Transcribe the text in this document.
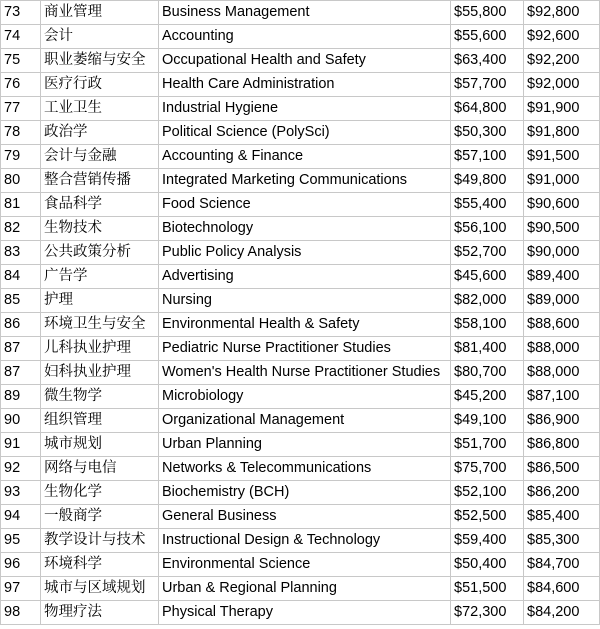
73	商业管理	Business Management	$55,800	$92,800
74	会计	Accounting	$55,600	$92,600
75	职业萎缩与安全	Occupational Health and Safety	$63,400	$92,200
76	医疗行政	Health Care Administration	$57,700	$92,000
77	工业卫生	Industrial Hygiene	$64,800	$91,900
78	政治学	Political Science (PolySci)	$50,300	$91,800
79	会计与金融	Accounting & Finance	$57,100	$91,500
80	整合营销传播	Integrated Marketing Communications	$49,800	$91,000
81	食品科学	Food Science	$55,400	$90,600
82	生物技术	Biotechnology	$56,100	$90,500
83	公共政策分析	Public Policy Analysis	$52,700	$90,000
84	广告学	Advertising	$45,600	$89,400
85	护理	Nursing	$82,000	$89,000
86	环境卫生与安全	Environmental Health & Safety	$58,100	$88,600
87	儿科执业护理	Pediatric Nurse Practitioner Studies	$81,400	$88,000
87	妇科执业护理	Women's Health Nurse Practitioner Studies	$80,700	$88,000
89	微生物学	Microbiology	$45,200	$87,100
90	组织管理	Organizational Management	$49,100	$86,900
91	城市规划	Urban Planning	$51,700	$86,800
92	网络与电信	Networks & Telecommunications	$75,700	$86,500
93	生物化学	Biochemistry (BCH)	$52,100	$86,200
94	一般商学	General Business	$52,500	$85,400
95	教学设计与技术	Instructional Design & Technology	$59,400	$85,300
96	环境科学	Environmental Science	$50,400	$84,700
97	城市与区域规划	Urban & Regional Planning	$51,500	$84,600
98	物理疗法	Physical Therapy	$72,300	$84,200
